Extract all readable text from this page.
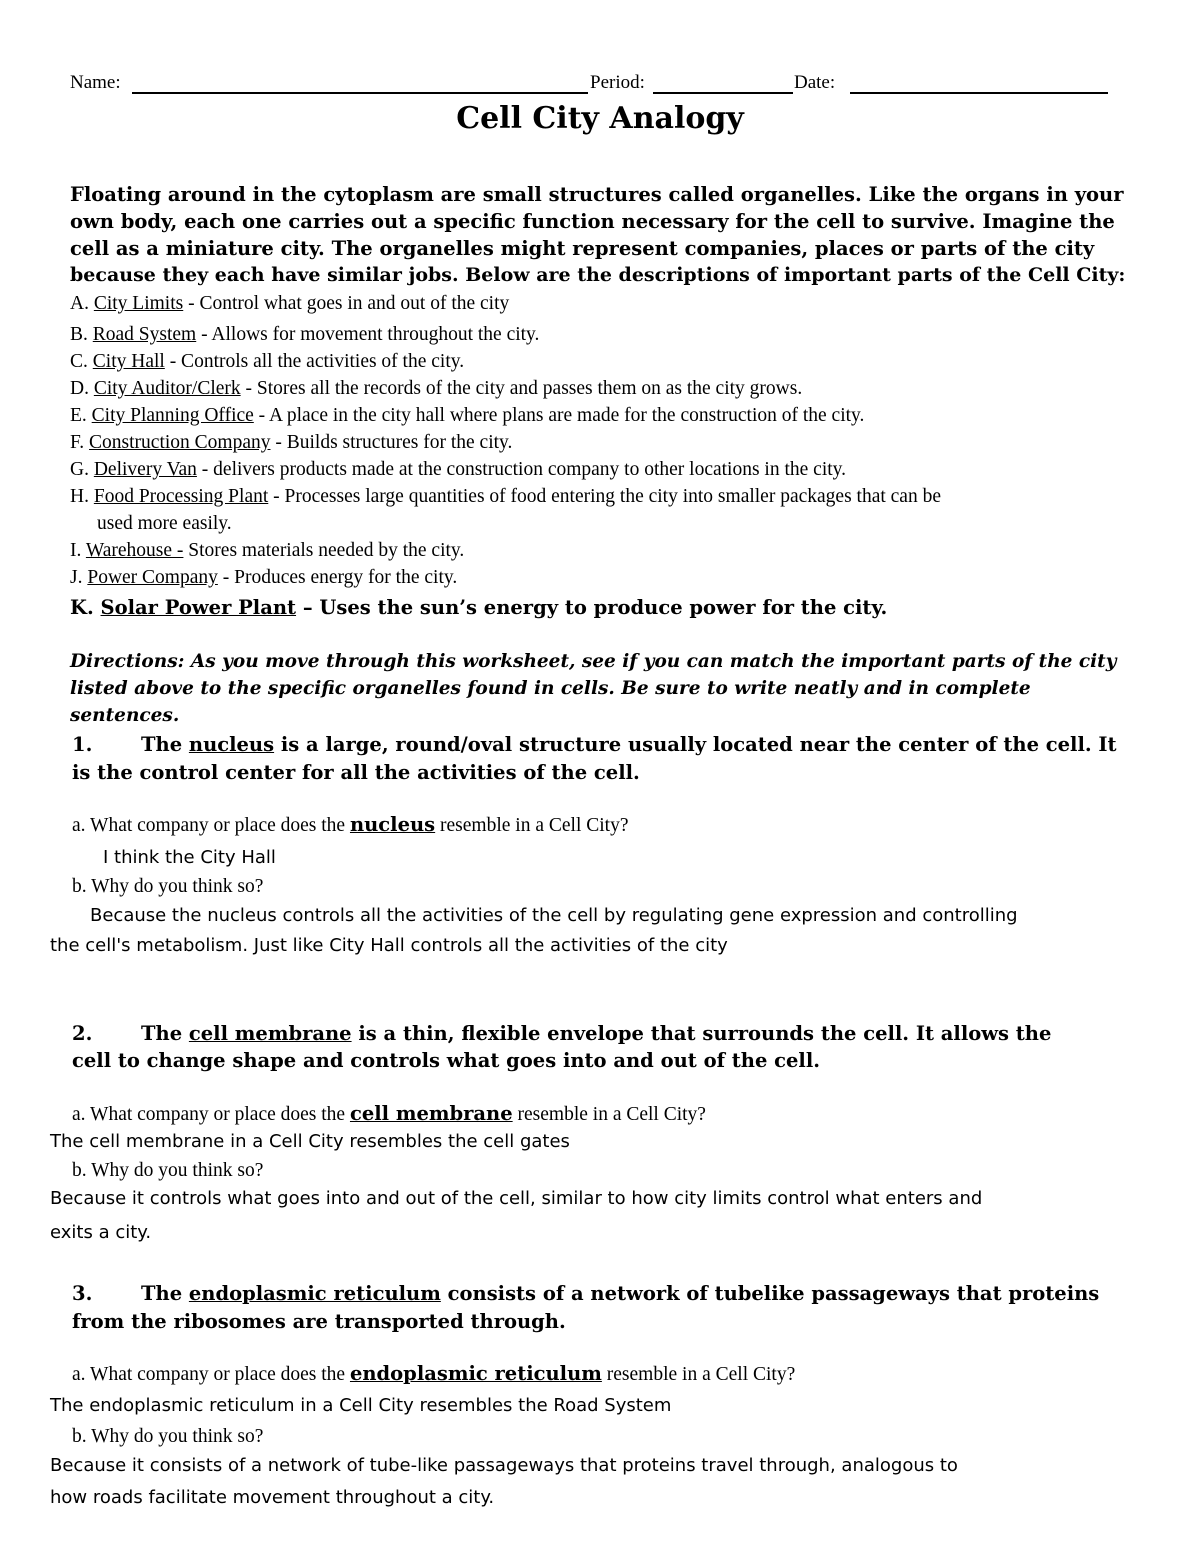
Name:	Period:	Date:
Cell City Analogy
Floating around in the cytoplasm are small structures called organelles. Like the organs in your
own body, each one carries out a specific function necessary for the cell to survive. Imagine the
cell as a miniature city. The organelles might represent companies, places or parts of the city
because they each have similar jobs. Below are the descriptions of important parts of the Cell City:
A. City Limits - Control what goes in and out of the city
B. Road System - Allows for movement throughout the city.
C. City Hall - Controls all the activities of the city.
D. City Auditor/Clerk - Stores all the records of the city and passes them on as the city grows.
E. City Planning Office - A place in the city hall where plans are made for the construction of the city.
F. Construction Company - Builds structures for the city.
G. Delivery Van - delivers products made at the construction company to other locations in the city.
H. Food Processing Plant - Processes large quantities of food entering the city into smaller packages that can be
used more easily.
I. Warehouse - Stores materials needed by the city.
J. Power Company - Produces energy for the city.
K. Solar Power Plant – Uses the sun’s energy to produce power for the city.
Directions: As you move through this worksheet, see if you can match the important parts of the city
listed above to the specific organelles found in cells. Be sure to write neatly and in complete
sentences.
1. The nucleus is a large, round/oval structure usually located near the center of the cell. It
is the control center for all the activities of the cell.
a. What company or place does the nucleus resemble in a Cell City?
I think the City Hall
b. Why do you think so?
Because the nucleus controls all the activities of the cell by regulating gene expression and controlling
the cell's metabolism. Just like City Hall controls all the activities of the city
2. The cell membrane is a thin, flexible envelope that surrounds the cell. It allows the
cell to change shape and controls what goes into and out of the cell.
a. What company or place does the cell membrane resemble in a Cell City?
The cell membrane in a Cell City resembles the cell gates
b. Why do you think so?
Because it controls what goes into and out of the cell, similar to how city limits control what enters and
exits a city.
3. The endoplasmic reticulum consists of a network of tubelike passageways that proteins
from the ribosomes are transported through.
a. What company or place does the endoplasmic reticulum resemble in a Cell City?
The endoplasmic reticulum in a Cell City resembles the Road System
b. Why do you think so?
Because it consists of a network of tube-like passageways that proteins travel through, analogous to
how roads facilitate movement throughout a city.
